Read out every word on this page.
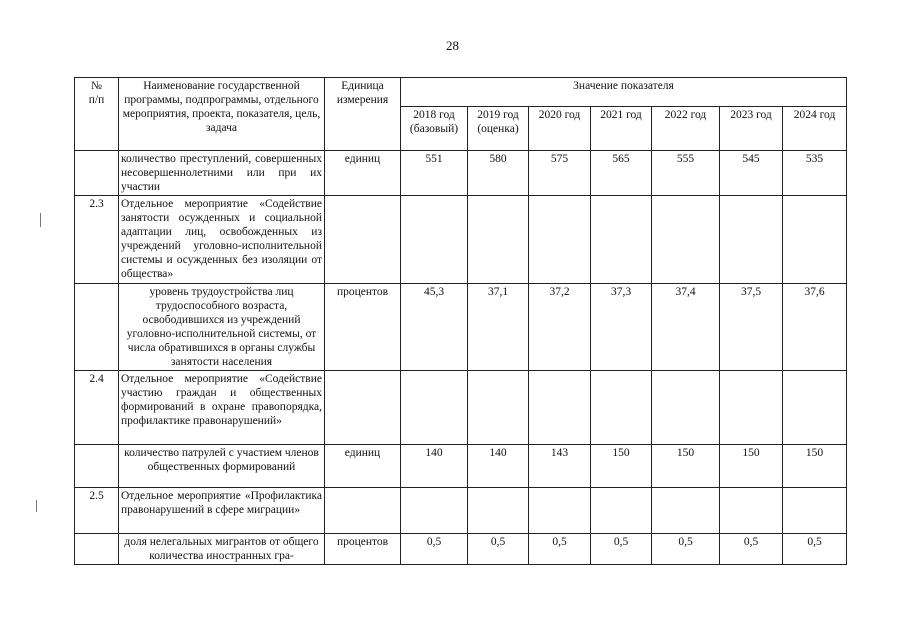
28
№
п/п	Наименование государственной программы, подпрограммы, отдельного мероприятия, проекта, показателя, цель, задача	Единица измерения	Значение показателя						
			2018 год (базовый)	2019 год (оценка)	2020 год	2021 год	2022 год	2023 год	2024 год
	количество преступлений, совершенных несовершеннолетними или при их участии	единиц	551	580	575	565	555	545	535
2.3	Отдельное мероприятие «Содействие занятости осужденных и социальной адаптации лиц, освобожденных из учреждений уголовно-исполнительной системы и осужденных без изоляции от общества»								
	уровень трудоустройства лиц трудоспособного возраста, освободившихся из учреждений уголовно-исполнительной системы, от числа обратившихся в органы службы занятости населения	процентов	45,3	37,1	37,2	37,3	37,4	37,5	37,6
2.4	Отдельное мероприятие «Содействие участию граждан и общественных формирований в охране правопорядка, профилактике правонарушений»								
	количество патрулей с участием членов общественных формирований	единиц	140	140	143	150	150	150	150
2.5	Отдельное мероприятие «Профилактика правонарушений в сфере миграции»								
	доля нелегальных мигрантов от общего количества иностранных гра-	процентов	0,5	0,5	0,5	0,5	0,5	0,5	0,5
